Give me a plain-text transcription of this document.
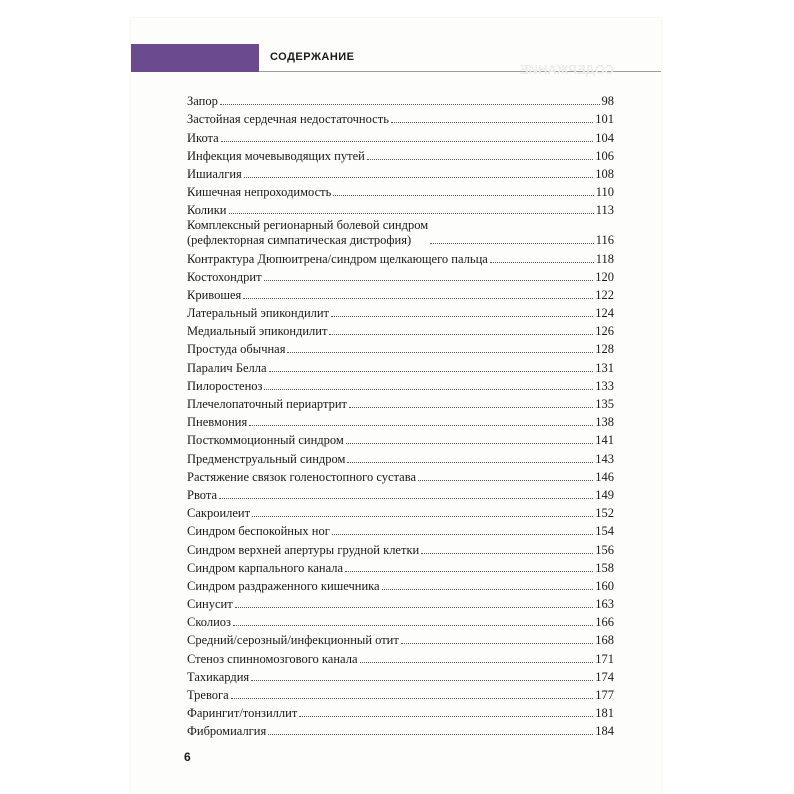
СОДЕРЖАНИЕ
СОДЕРЖАНИЕ
Запор	98
Застойная сердечная недостаточность	101
Икота	104
Инфекция мочевыводящих путей	106
Ишиалгия	108
Кишечная непроходимость	110
Колики	113
Комплексный регионарный болевой синдром
(рефлекторная симпатическая дистрофия)	116
Контрактура Дюпюитрена/синдром щелкающего пальца	118
Костохондрит	120
Кривошея	122
Латеральный эпикондилит	124
Медиальный эпикондилит	126
Простуда обычная	128
Паралич Белла	131
Пилоростеноз	133
Плечелопаточный периартрит	135
Пневмония	138
Посткоммоционный синдром	141
Предменструальный синдром	143
Растяжение связок голеностопного сустава	146
Рвота	149
Сакроилеит	152
Синдром беспокойных ног	154
Синдром верхней апертуры грудной клетки	156
Синдром карпального канала	158
Синдром раздраженного кишечника	160
Синусит	163
Сколиоз	166
Средний/серозный/инфекционный отит	168
Стеноз спинномозгового канала	171
Тахикардия	174
Тревога	177
Фарингит/тонзиллит	181
Фибромиалгия	184
6
